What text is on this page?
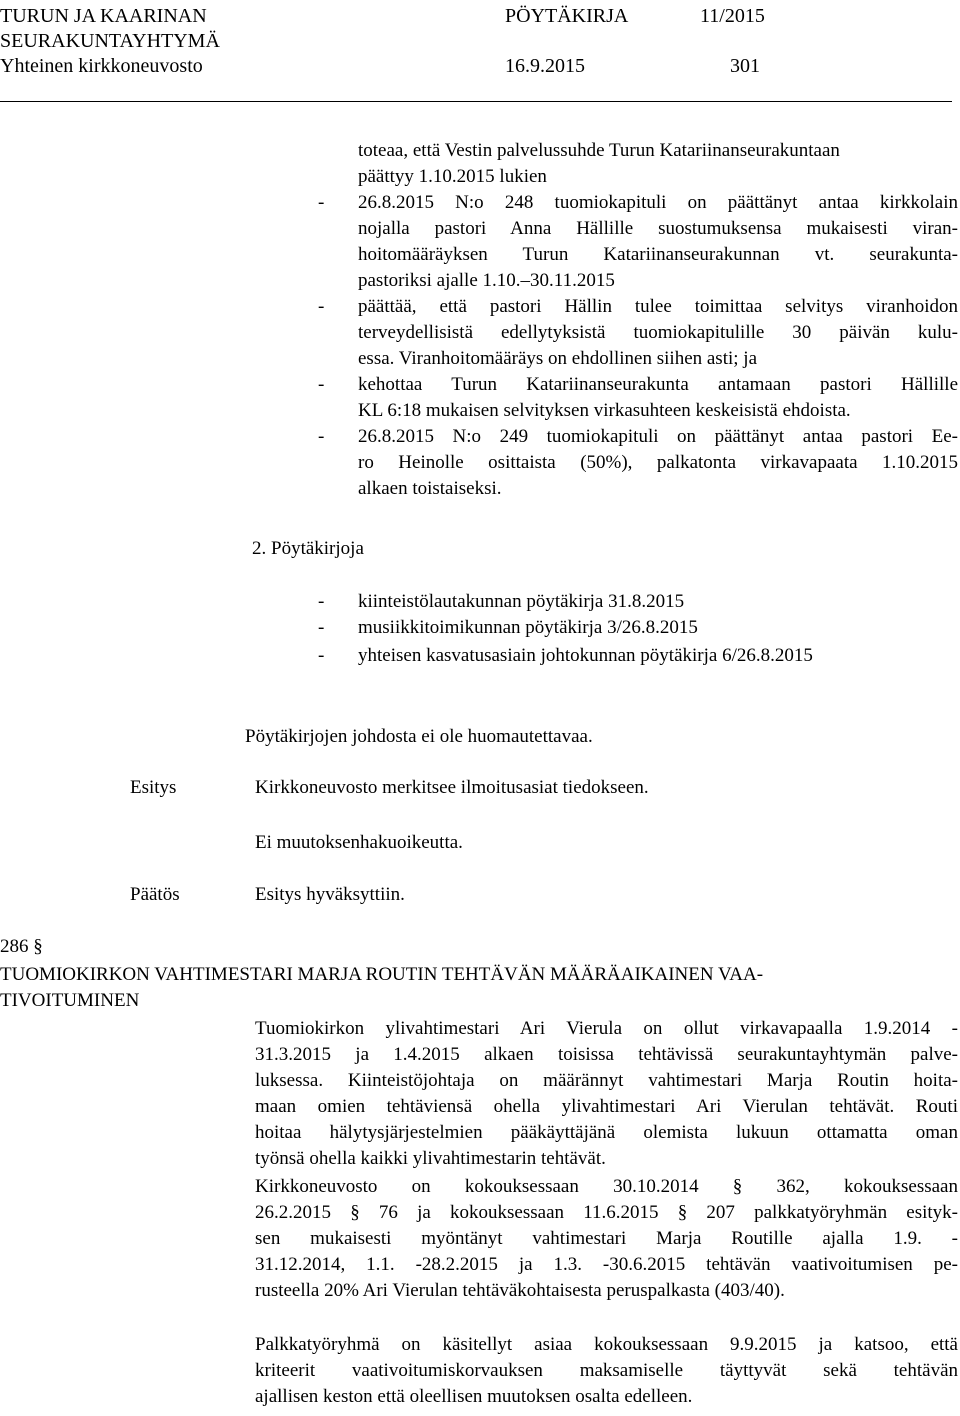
TURUN JA KAARINAN	PÖYTÄKIRJA	11/2015
SEURAKUNTAYHTYMÄ
Yhteinen kirkkoneuvosto	16.9.2015	301
toteaa, että Vestin palvelussuhde Turun Katariinanseurakuntaan
päättyy 1.10.2015 lukien
- 26.8.2015 N:o 248 tuomiokapituli on päättänyt antaa kirkkolain
nojalla pastori Anna Hällille suostumuksensa mukaisesti viran-
hoitomääräyksen Turun Katariinanseurakunnan vt. seurakunta-
pastoriksi ajalle 1.10.–30.11.2015
- päättää, että pastori Hällin tulee toimittaa selvitys viranhoidon
terveydellisistä edellytyksistä tuomiokapitulille 30 päivän kulu-
essa. Viranhoitomääräys on ehdollinen siihen asti; ja
- kehottaa Turun Katariinanseurakunta antamaan pastori Hällille
KL 6:18 mukaisen selvityksen virkasuhteen keskeisistä ehdoista.
- 26.8.2015 N:o 249 tuomiokapituli on päättänyt antaa pastori Ee-
ro Heinolle osittaista (50%), palkatonta virkavapaata 1.10.2015
alkaen toistaiseksi.
2. Pöytäkirjoja
- kiinteistölautakunnan pöytäkirja 31.8.2015
- musiikkitoimikunnan pöytäkirja 3/26.8.2015
- yhteisen kasvatusasiain johtokunnan pöytäkirja 6/26.8.2015
Pöytäkirjojen johdosta ei ole huomautettavaa.
Esitys	Kirkkoneuvosto merkitsee ilmoitusasiat tiedokseen.
Ei muutoksenhakuoikeutta.
Päätös	Esitys hyväksyttiin.
286 §
TUOMIOKIRKON VAHTIMESTARI MARJA ROUTIN TEHTÄVÄN MÄÄRÄAIKAINEN VAA-
TIVOITUMINEN
Tuomiokirkon ylivahtimestari Ari Vierula on ollut virkavapaalla 1.9.2014 -
31.3.2015 ja 1.4.2015 alkaen toisissa tehtävissä seurakuntayhtymän palve-
luksessa. Kiinteistöjohtaja on määrännyt vahtimestari Marja Routin hoita-
maan omien tehtäviensä ohella ylivahtimestari Ari Vierulan tehtävät. Routi
hoitaa hälytysjärjestelmien pääkäyttäjänä olemista lukuun ottamatta oman
työnsä ohella kaikki ylivahtimestarin tehtävät.
Kirkkoneuvosto on kokouksessaan 30.10.2014 § 362, kokouksessaan
26.2.2015 § 76 ja kokouksessaan 11.6.2015 § 207 palkkatyöryhmän esityk-
sen mukaisesti myöntänyt vahtimestari Marja Routille ajalla 1.9. -
31.12.2014, 1.1. -28.2.2015 ja 1.3. -30.6.2015 tehtävän vaativoitumisen pe-
rusteella 20% Ari Vierulan tehtäväkohtaisesta peruspalkasta (403/40).
Palkkatyöryhmä on käsitellyt asiaa kokouksessaan 9.9.2015 ja katsoo, että
kriteerit vaativoitumiskorvauksen maksamiselle täyttyvät sekä tehtävän
ajallisen keston että oleellisen muutoksen osalta edelleen.
